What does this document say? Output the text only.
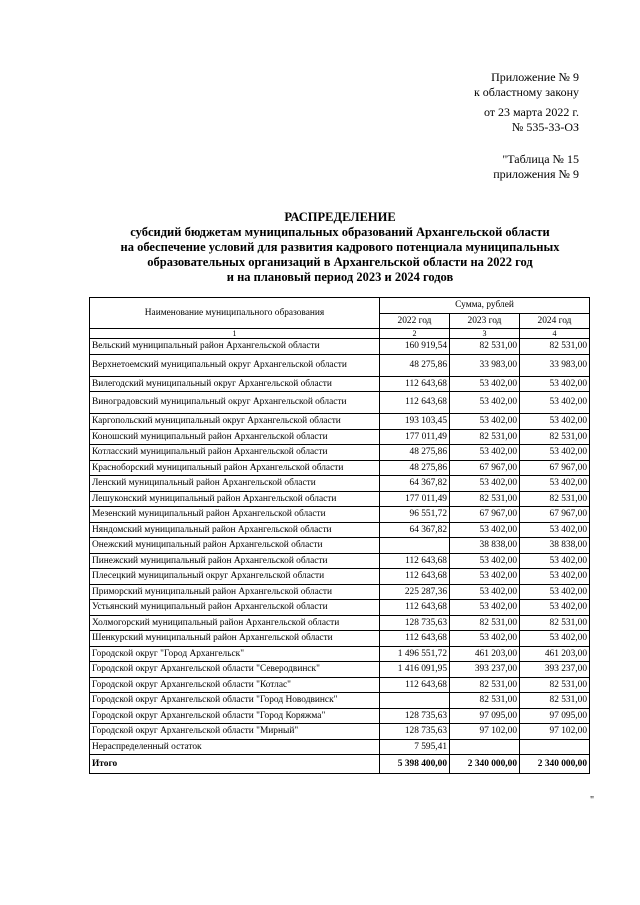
Приложение № 9
к областному закону
от 23 марта 2022 г.
№ 535-33-ОЗ
"Таблица № 15
приложения № 9
РАСПРЕДЕЛЕНИЕ
субсидий бюджетам муниципальных образований Архангельской области
на обеспечение условий для развития кадрового потенциала муниципальных
образовательных организаций в Архангельской области на 2022 год
и на плановый период 2023 и 2024 годов
Наименование муниципального образования	Сумма, рублей		
	2022 год	2023 год	2024 год
1	2	3	4
Вельский муниципальный район Архангельской области	160 919,54	82 531,00	82 531,00
Верхнетоемский муниципальный округ Архангельской области	48 275,86	33 983,00	33 983,00
Вилегодский муниципальный округ Архангельской области	112 643,68	53 402,00	53 402,00
Виноградовский муниципальный округ Архангельской области	112 643,68	53 402,00	53 402,00
Каргопольский муниципальный округ Архангельской области	193 103,45	53 402,00	53 402,00
Коношский муниципальный район Архангельской области	177 011,49	82 531,00	82 531,00
Котласский муниципальный район Архангельской области	48 275,86	53 402,00	53 402,00
Красноборский муниципальный район Архангельской области	48 275,86	67 967,00	67 967,00
Ленский муниципальный район Архангельской области	64 367,82	53 402,00	53 402,00
Лешуконский муниципальный район Архангельской области	177 011,49	82 531,00	82 531,00
Мезенский муниципальный район Архангельской области	96 551,72	67 967,00	67 967,00
Няндомский муниципальный район Архангельской области	64 367,82	53 402,00	53 402,00
Онежский муниципальный район Архангельской области		38 838,00	38 838,00
Пинежский муниципальный район Архангельской области	112 643,68	53 402,00	53 402,00
Плесецкий муниципальный округ Архангельской области	112 643,68	53 402,00	53 402,00
Приморский муниципальный район Архангельской области	225 287,36	53 402,00	53 402,00
Устьянский муниципальный район Архангельской области	112 643,68	53 402,00	53 402,00
Холмогорский муниципальный район Архангельской области	128 735,63	82 531,00	82 531,00
Шенкурский муниципальный район Архангельской области	112 643,68	53 402,00	53 402,00
Городской округ "Город Архангельск"	1 496 551,72	461 203,00	461 203,00
Городской округ Архангельской области "Северодвинск"	1 416 091,95	393 237,00	393 237,00
Городской округ Архангельской области "Котлас"	112 643,68	82 531,00	82 531,00
Городской округ Архангельской области "Город Новодвинск"		82 531,00	82 531,00
Городской округ Архангельской области "Город Коряжма"	128 735,63	97 095,00	97 095,00
Городской округ Архангельской области "Мирный"	128 735,63	97 102,00	97 102,00
Нераспределенный остаток	7 595,41		
Итого	5 398 400,00	2 340 000,00	2 340 000,00
"
